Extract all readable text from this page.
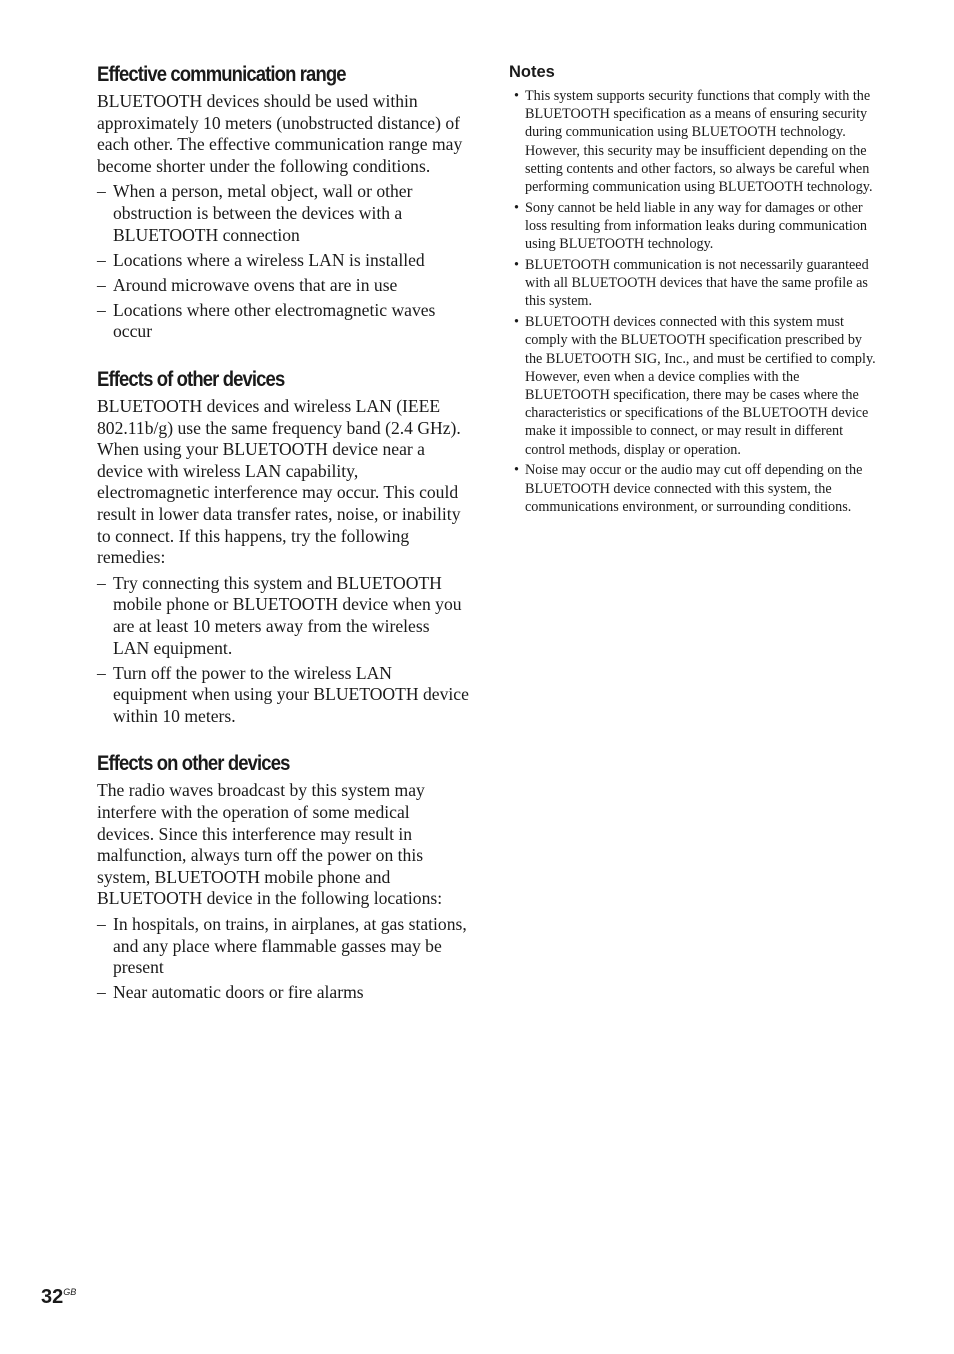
Effective communication range

BLUETOOTH devices should be used within approximately 10 meters (unobstructed distance) of each other. The effective communication range may become shorter under the following conditions.

– When a person, metal object, wall or other obstruction is between the devices with a BLUETOOTH connection
– Locations where a wireless LAN is installed
– Around microwave ovens that are in use
– Locations where other electromagnetic waves occur
Effects of other devices

BLUETOOTH devices and wireless LAN (IEEE 802.11b/g) use the same frequency band (2.4 GHz). When using your BLUETOOTH device near a device with wireless LAN capability, electromagnetic interference may occur. This could result in lower data transfer rates, noise, or inability to connect. If this happens, try the following remedies:

– Try connecting this system and BLUETOOTH mobile phone or BLUETOOTH device when you are at least 10 meters away from the wireless LAN equipment.
– Turn off the power to the wireless LAN equipment when using your BLUETOOTH device within 10 meters.
Effects on other devices

The radio waves broadcast by this system may interfere with the operation of some medical devices. Since this interference may result in malfunction, always turn off the power on this system, BLUETOOTH mobile phone and BLUETOOTH device in the following locations:

– In hospitals, on trains, in airplanes, at gas stations, and any place where flammable gasses may be present
– Near automatic doors or fire alarms
Notes
• This system supports security functions that comply with the BLUETOOTH specification as a means of ensuring security during communication using BLUETOOTH technology. However, this security may be insufficient depending on the setting contents and other factors, so always be careful when performing communication using BLUETOOTH technology.
• Sony cannot be held liable in any way for damages or other loss resulting from information leaks during communication using BLUETOOTH technology.
• BLUETOOTH communication is not necessarily guaranteed with all BLUETOOTH devices that have the same profile as this system.
• BLUETOOTH devices connected with this system must comply with the BLUETOOTH specification prescribed by the BLUETOOTH SIG, Inc., and must be certified to comply. However, even when a device complies with the BLUETOOTH specification, there may be cases where the characteristics or specifications of the BLUETOOTH device make it impossible to connect, or may result in different control methods, display or operation.
• Noise may occur or the audio may cut off depending on the BLUETOOTH device connected with this system, the communications environment, or surrounding conditions.
$32^{GB}$
